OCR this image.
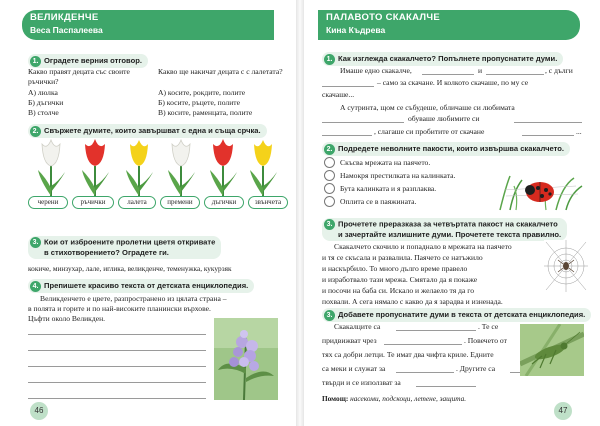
ВЕЛИКДЕНЧЕ
Веса Паспалеева
1. Оградете верния отговор.
Какво правят децата със своите ръчички?
А) люлка
Б) дъгички
В) столче
Какво ще накичат децата с с лалетата?
А) косите, рокдите, полите
Б) косите, ръцете, полите
В) косите, раменцата, полите
2. Свържете думите, които завършват с една и съща срчка.
черени	ръчички	лалета	премени	дъгички	звънчета
3. Кои от изброените пролетни цветя откривате
в стихотворението? Оградете ги.
кокиче, минзухар, лале, иглика, великденче, теменужка, кукурзяк
4. Препишете красиво текста от детската енциклопедия.
Великденчето е цвете, разпространено из цялата страна –
в полята и горите и по най-високите планински върхове.
Цъфти около Великден.
46
ПАЛАВОТО СКАКАЛЧЕ
Кина Къдрева
1. Как изглежда скакалчето? Попълнете пропуснатите думи.
Имаше едно скакалче,	и	, с дълги
– само за скачане. И колкото скачаше, по му се
скачаше...
А сутринта, щом се събудеше, обличаше си любимата
обуваше любимите си
, слагаше си пробитите от скачане	...
2. Подредете неволните пакости, които извършва скакалчето.
Скъсва мрежата на паячето.
Намокря престилката на калинката.
Бута калинката и я разплаква.
Оплита се в паяжината.
3. Прочетете преразказа за четвъртата пакост на скакалчето
и зачертайте излишните думи. Прочетете текста правилно.
Скакалчето скочило и попаднало в мрежата на паячето
и тя се скъсала и развалила. Паячето се натъжило
и наскърбило. То много дълго време правело
и изработвало тази мрежа. Смятало да я покаже
и посочи на баба си. Искало и желаело тя да го
похвали. А сега нямало с какво да я зарадва и изненада.
3. Добавете пропуснатите думи в текста от детската енциклопедия.
Скакалците са	. Те се
придвижват чрез	. Повечето от
тях са добри летци. Те имат два чифта криле. Едните
са меки и служат за	. Другите са
твърди и се използват за
Помощ: насекоми, подскоци, летене, защита.
47
